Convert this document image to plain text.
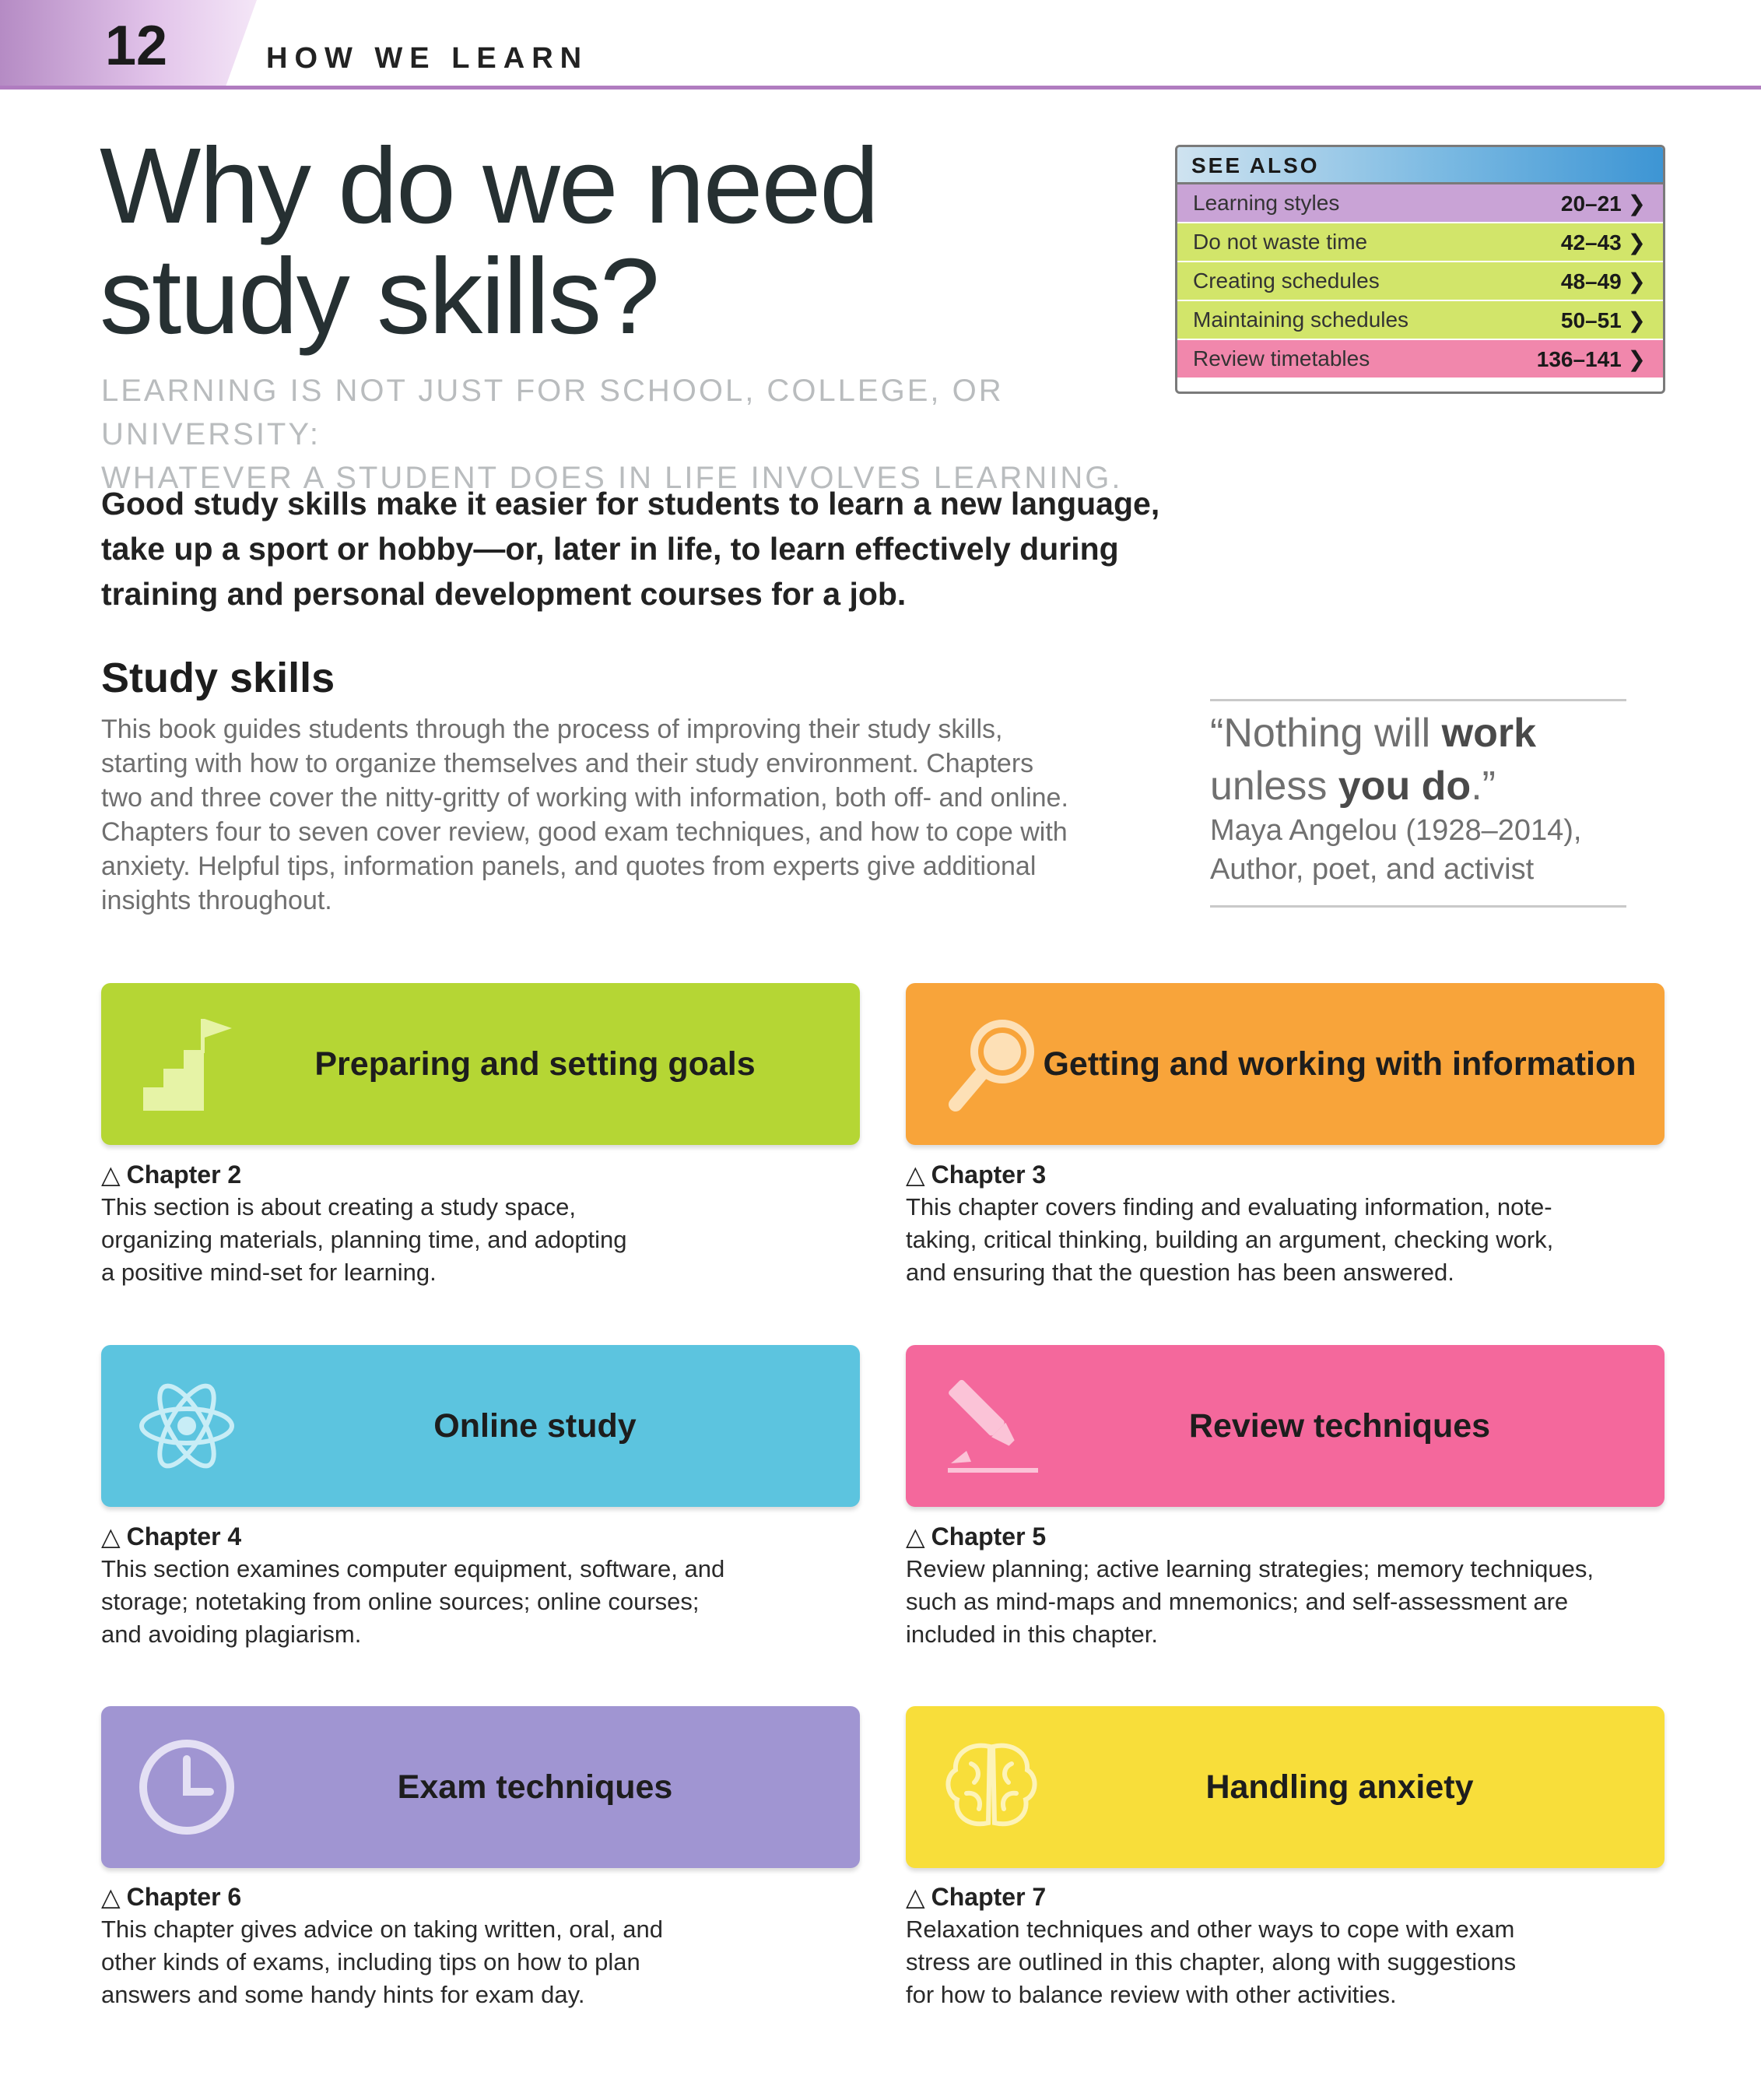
12	HOW WE LEARN
Why do we need
study skills?
LEARNING IS NOT JUST FOR SCHOOL, COLLEGE, OR UNIVERSITY:
WHATEVER A STUDENT DOES IN LIFE INVOLVES LEARNING.

Good study skills make it easier for students to learn a new language, take up a sport or hobby—or, later in life, to learn effectively during training and personal development courses for a job.

Study skills

This book guides students through the process of improving their study skills, starting with how to organize themselves and their study environment. Chapters two and three cover the nitty-gritty of working with information, both off- and online. Chapters four to seven cover review, good exam techniques, and how to cope with anxiety. Helpful tips, information panels, and quotes from experts give additional insights throughout.

SEE ALSO
Learning styles	20–21 ❯
Do not waste time	42–43 ❯
Creating schedules	48–49 ❯
Maintaining schedules	50–51 ❯
Review timetables	136–141 ❯
“Nothing will work unless you do.”
Maya Angelou (1928–2014),
Author, poet, and activist
Preparing and setting goals
△ Chapter 2

This section is about creating a study space, organizing materials, planning time, and adopting a positive mind-set for learning.

Getting and working with information
△ Chapter 3

This chapter covers finding and evaluating information, note-taking, critical thinking, building an argument, checking work, and ensuring that the question has been answered.

Online study
△ Chapter 4

This section examines computer equipment, software, and storage; notetaking from online sources; online courses; and avoiding plagiarism.

Review techniques
△ Chapter 5

Review planning; active learning strategies; memory techniques, such as mind-maps and mnemonics; and self-assessment are included in this chapter.

Exam techniques
△ Chapter 6

This chapter gives advice on taking written, oral, and other kinds of exams, including tips on how to plan answers and some handy hints for exam day.

Handling anxiety
△ Chapter 7

Relaxation techniques and other ways to cope with exam stress are outlined in this chapter, along with suggestions for how to balance review with other activities.
